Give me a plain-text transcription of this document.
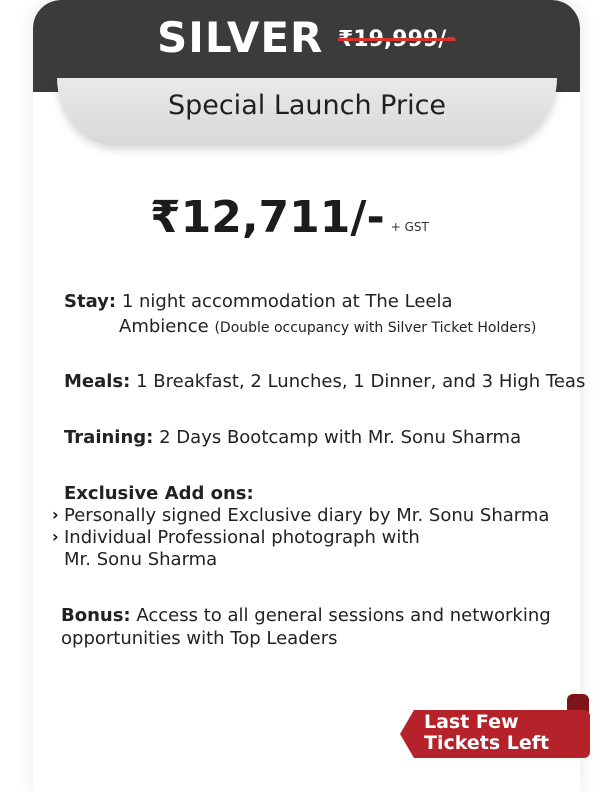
SILVER ₹19,999/-
Special Launch Price
₹12,711/- + GST
Stay: 1 night accommodation at The Leela
Ambience (Double occupancy with Silver Ticket Holders)
Meals: 1 Breakfast, 2 Lunches, 1 Dinner, and 3 High Teas
Training: 2 Days Bootcamp with Mr. Sonu Sharma
Exclusive Add ons:
› Personally signed Exclusive diary by Mr. Sonu Sharma
› Individual Professional photograph with
Mr. Sonu Sharma
Bonus: Access to all general sessions and networking
opportunities with Top Leaders
Last Few
Tickets Left
